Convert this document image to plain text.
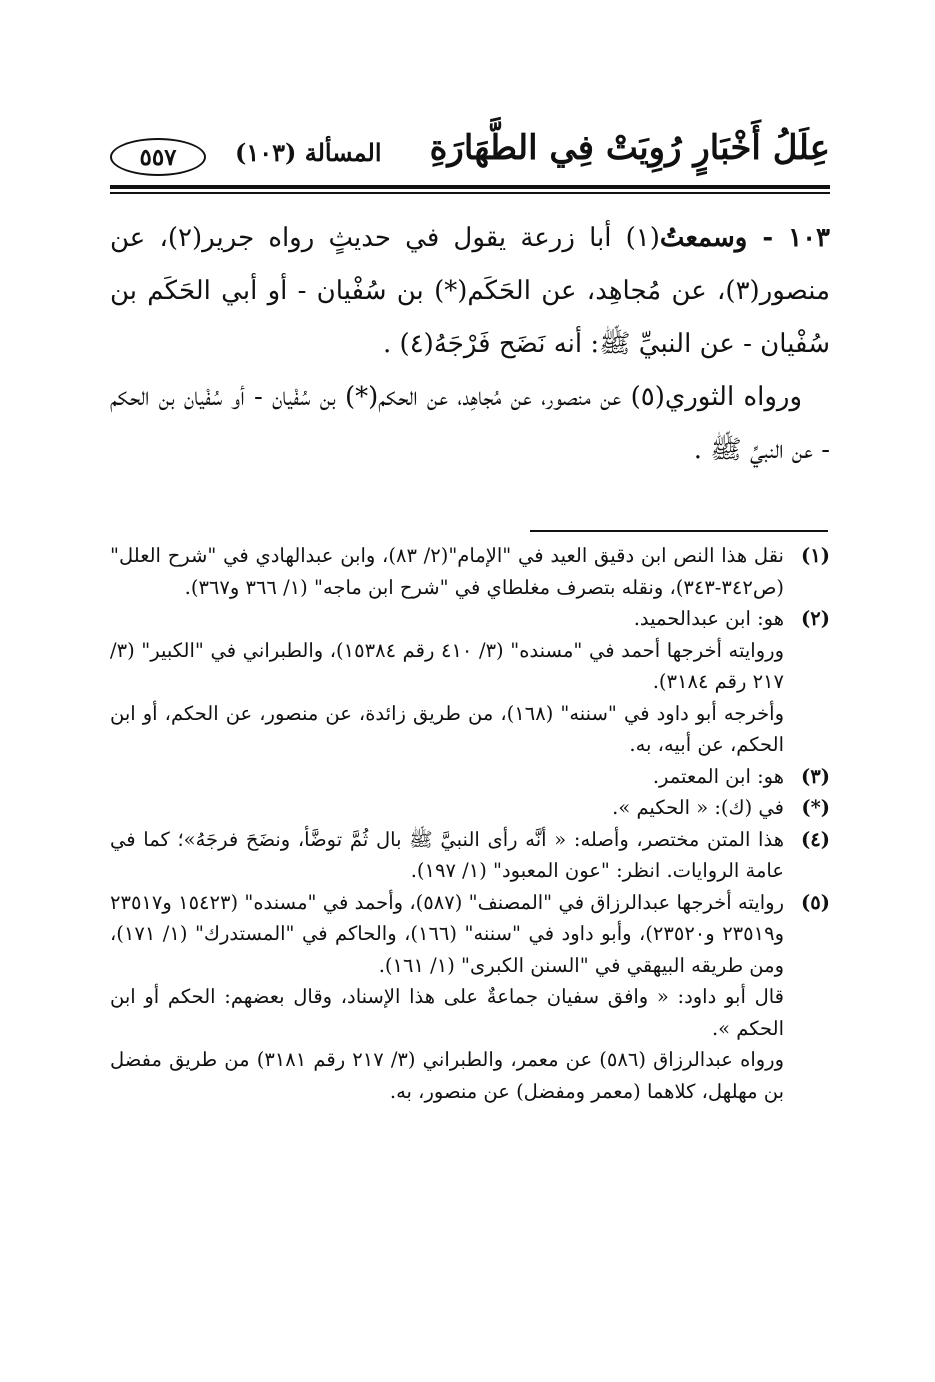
عِلَلُ أَخْبَارٍ رُوِيَتْ فِي الطَّهَارَةِ
المسألة (١٠٣)
٥٥٧

١٠٣ - وسمعتُ(١) أبا زرعة يقول في حديثٍ رواه جرير(٢)، عن منصور(٣)، عن مُجاهِد، عن الحَكَم(*) بن سُفْيان - أو أبي الحَكَم بن سُفْيان - عن النبيِّ ﷺ: أنه نَضَح فَرْجَهُ(٤) .

ورواه الثوري(٥) عن منصور، عن مُجاهِد، عن الحكم(*) بن سُفْيان - أو سُفْيان بن الحكم - عن النبيِّ ﷺ .

(١)

نقل هذا النص ابن دقيق العيد في "الإمام"(٢/ ٨٣)، وابن عبدالهادي في "شرح العلل" (ص٣٤٢-٣٤٣)، ونقله بتصرف مغلطاي في "شرح ابن ماجه" (١/ ٣٦٦ و٣٦٧).

(٢)

هو: ابن عبدالحميد.

وروايته أخرجها أحمد في "مسنده" (٣/ ٤١٠ رقم ١٥٣٨٤)، والطبراني في "الكبير" (٣/ ٢١٧ رقم ٣١٨٤).

وأخرجه أبو داود في "سننه" (١٦٨)، من طريق زائدة، عن منصور، عن الحكم، أو ابن الحكم، عن أبيه، به.

(٣)

هو: ابن المعتمر.

(*)

في (ك): « الحكيم ».

(٤)

هذا المتن مختصر، وأصله: « أنَّه رأى النبيَّ ﷺ بال ثُمَّ توضَّأ، ونضَحَ فرجَهُ»؛ كما في عامة الروايات. انظر: "عون المعبود" (١/ ١٩٧).

(٥)

روايته أخرجها عبدالرزاق في "المصنف" (٥٨٧)، وأحمد في "مسنده" (١٥٤٢٣ و٢٣٥١٧ و٢٣٥١٩ و٢٣٥٢٠)، وأبو داود في "سننه" (١٦٦)، والحاكم في "المستدرك" (١/ ١٧١)، ومن طريقه البيهقي في "السنن الكبرى" (١/ ١٦١).

قال أبو داود: « وافق سفيان جماعةٌ على هذا الإسناد، وقال بعضهم: الحكم أو ابن الحكم ».

ورواه عبدالرزاق (٥٨٦) عن معمر، والطبراني (٣/ ٢١٧ رقم ٣١٨١) من طريق مفضل بن مهلهل، كلاهما (معمر ومفضل) عن منصور، به.
